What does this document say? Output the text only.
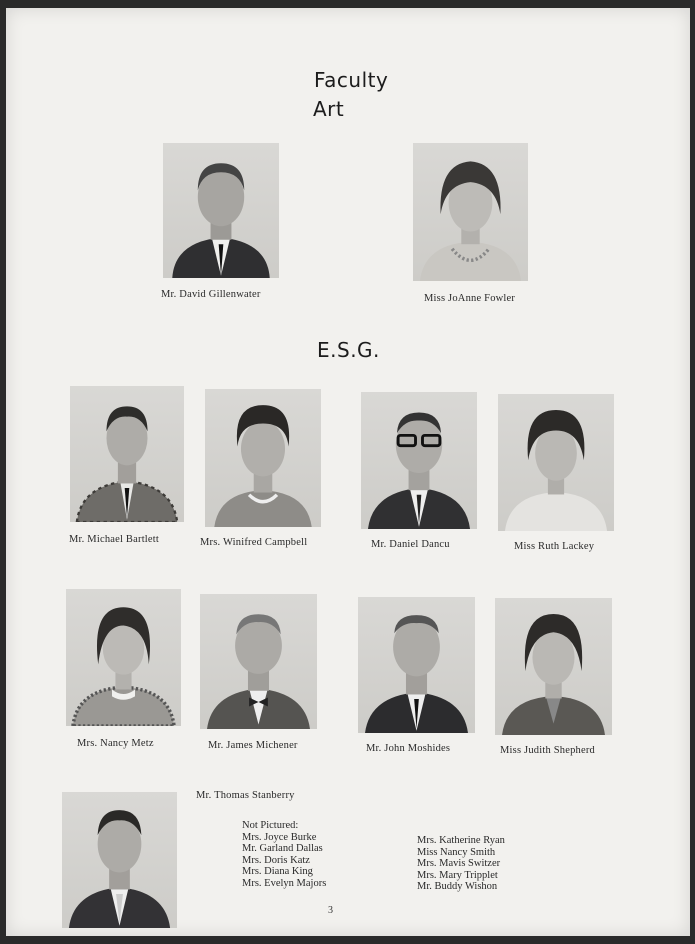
Faculty
Art
Mr. David Gillenwater	Miss JoAnne Fowler
E.S.G.
Mr. Michael Bartlett	Mrs. Winifred Campbell	Mr. Daniel Dancu	Miss Ruth Lackey
Mrs. Nancy Metz	Mr. James Michener	Mr. John Moshides	Miss Judith Shepherd
Mr. Thomas Stanberry
Not Pictured:
Mrs. Joyce Burke
Mr. Garland Dallas
Mrs. Doris Katz
Mrs. Diana King
Mrs. Evelyn Majors
Mrs. Katherine Ryan
Miss Nancy Smith
Mrs. Mavis Switzer
Mrs. Mary Tripplet
Mr. Buddy Wishon
3
